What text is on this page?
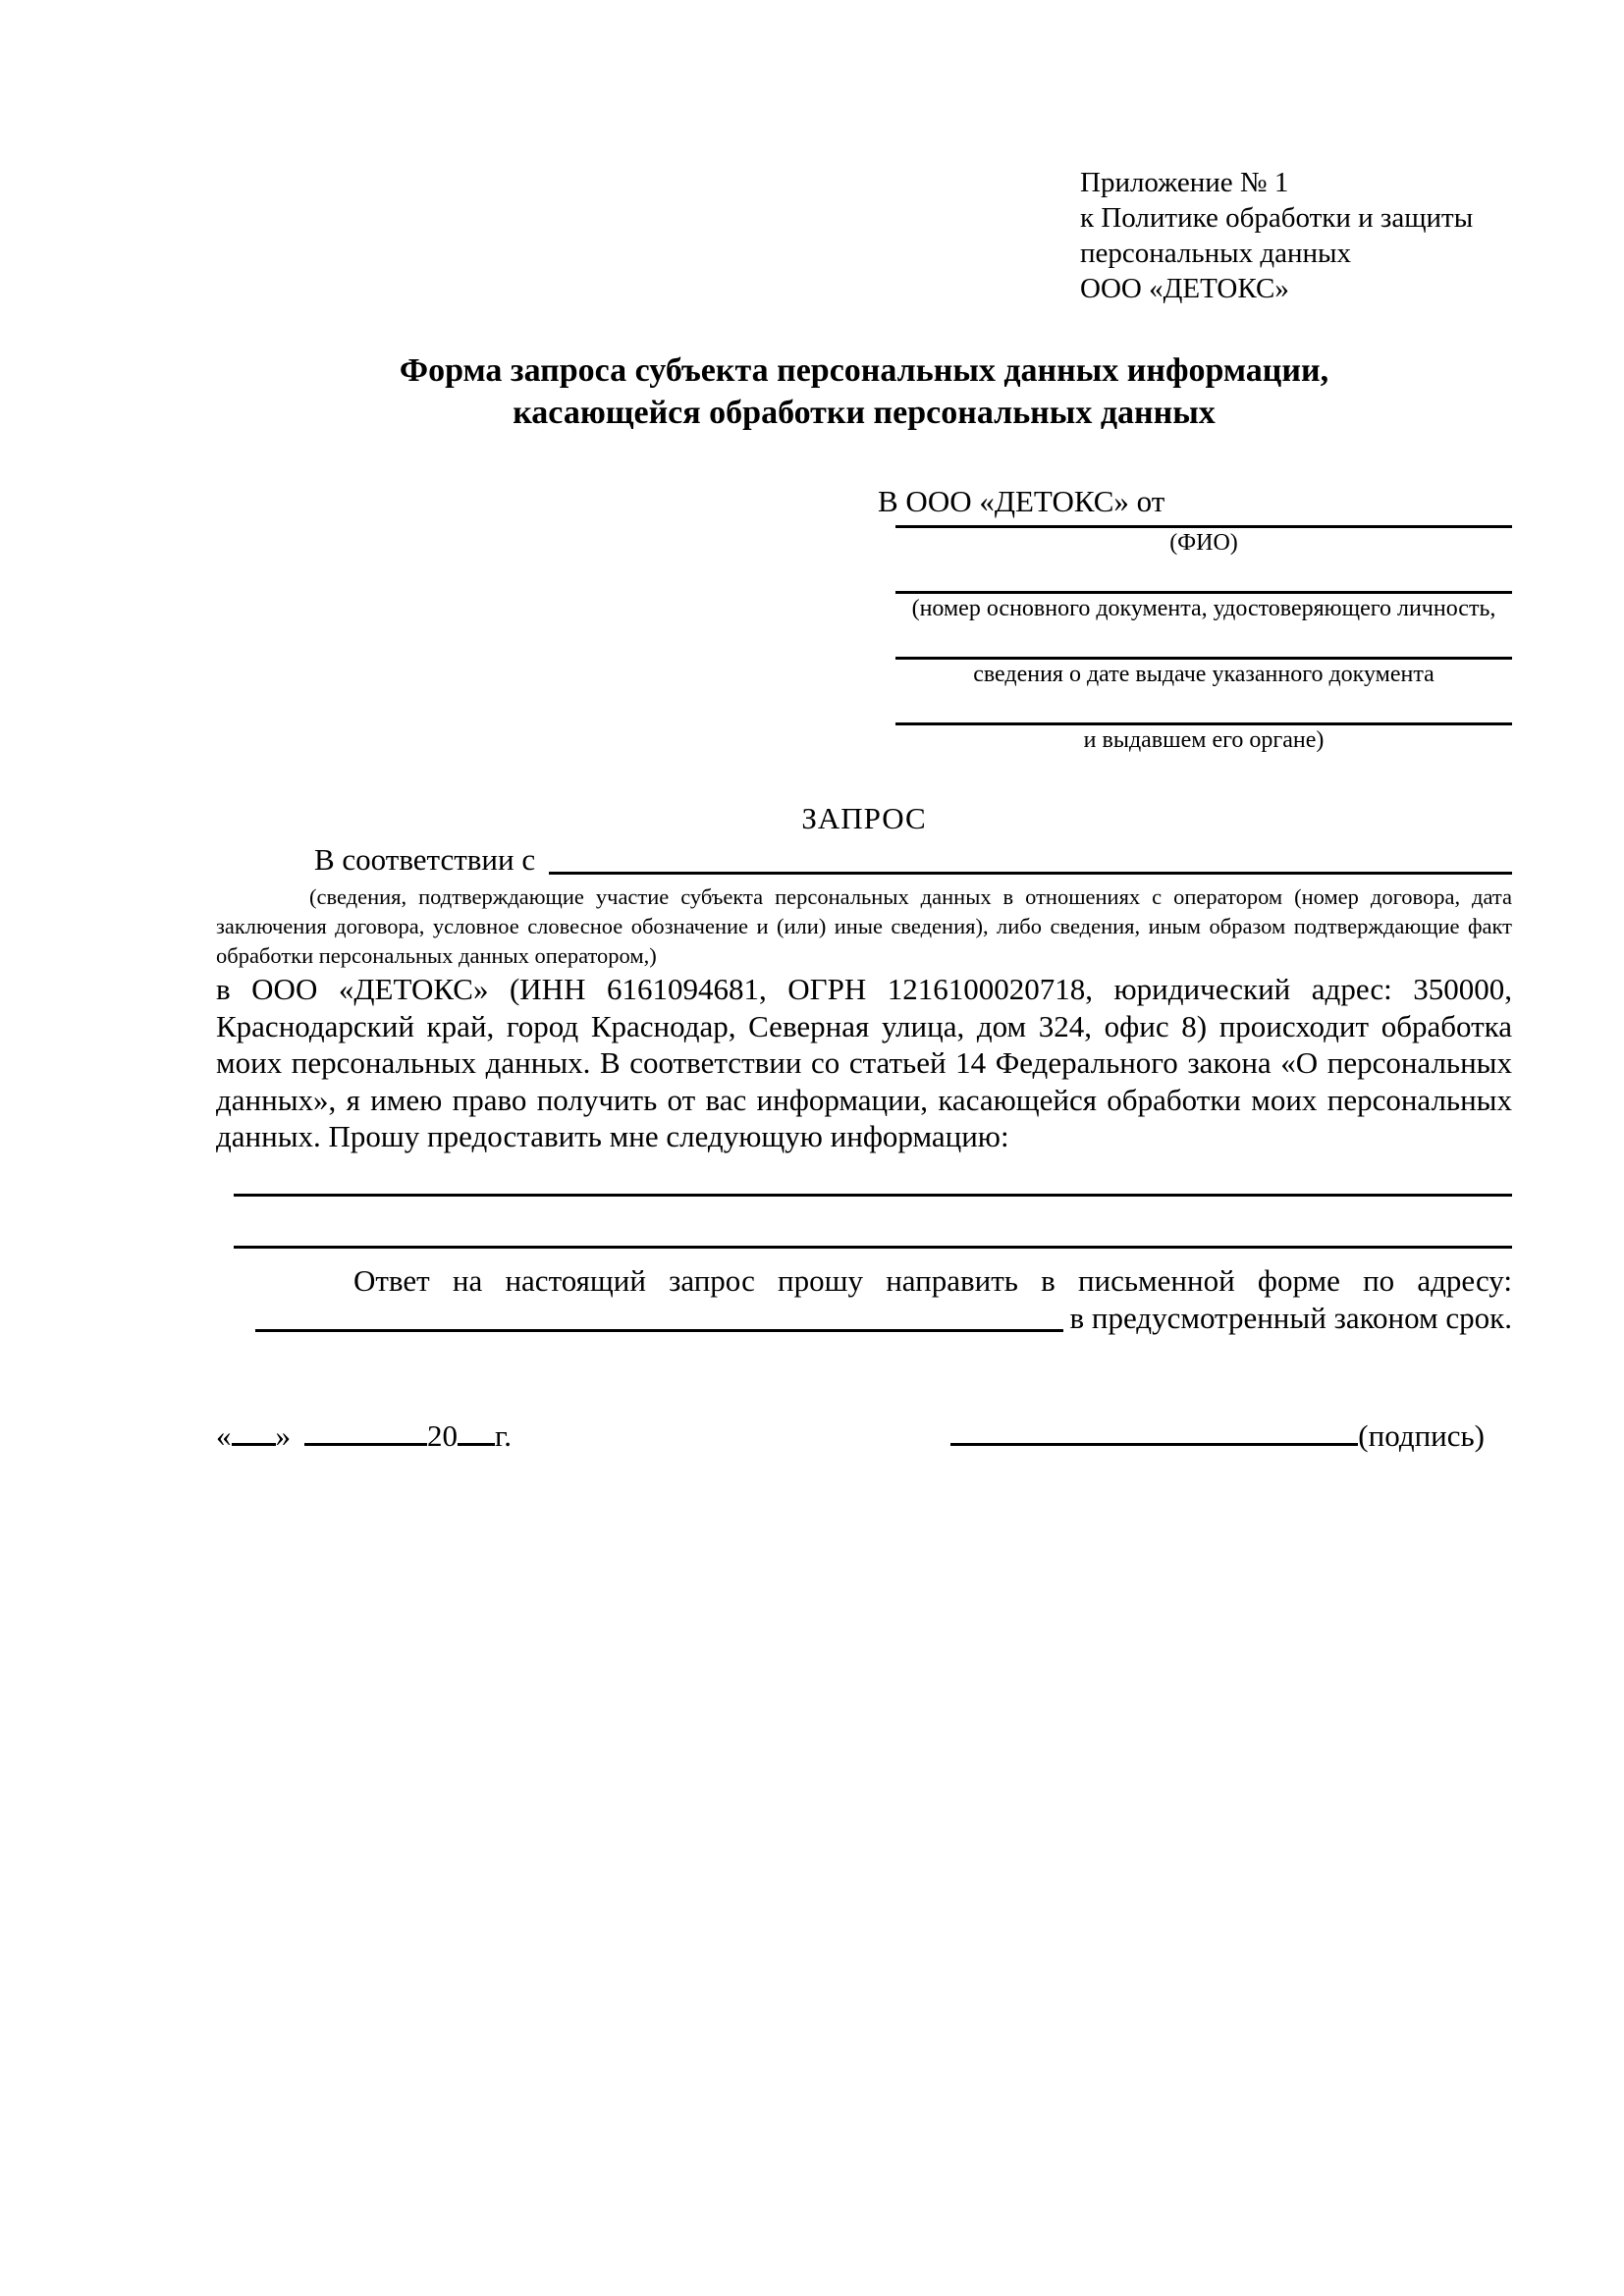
Приложение № 1
к Политике обработки и защиты
персональных данных
ООО «ДЕТОКС»
Форма запроса субъекта персональных данных информации,
касающейся обработки персональных данных
В ООО «ДЕТОКС» от
(ФИО)
(номер основного документа, удостоверяющего личность,
сведения о дате выдаче указанного документа
и выдавшем его органе)
ЗАПРОС
В соответствии с
(сведения, подтверждающие участие субъекта персональных данных в отношениях с оператором (номер договора, дата заключения договора, условное словесное обозначение и (или) иные сведения), либо сведения, иным образом подтверждающие факт обработки персональных данных оператором,)
в ООО «ДЕТОКС» (ИНН 6161094681, ОГРН 1216100020718, юридический адрес: 350000, Краснодарский край, город Краснодар, Северная улица, дом 324, офис 8) происходит обработка моих персональных данных. В соответствии со статьей 14 Федерального закона «О персональных данных», я имею право получить от вас информации, касающейся обработки моих персональных данных. Прошу предоставить мне следующую информацию:
Ответ на настоящий запрос прошу направить в письменной форме по адресу:
в предусмотренный законом срок.
« »	20 г.	(подпись)
